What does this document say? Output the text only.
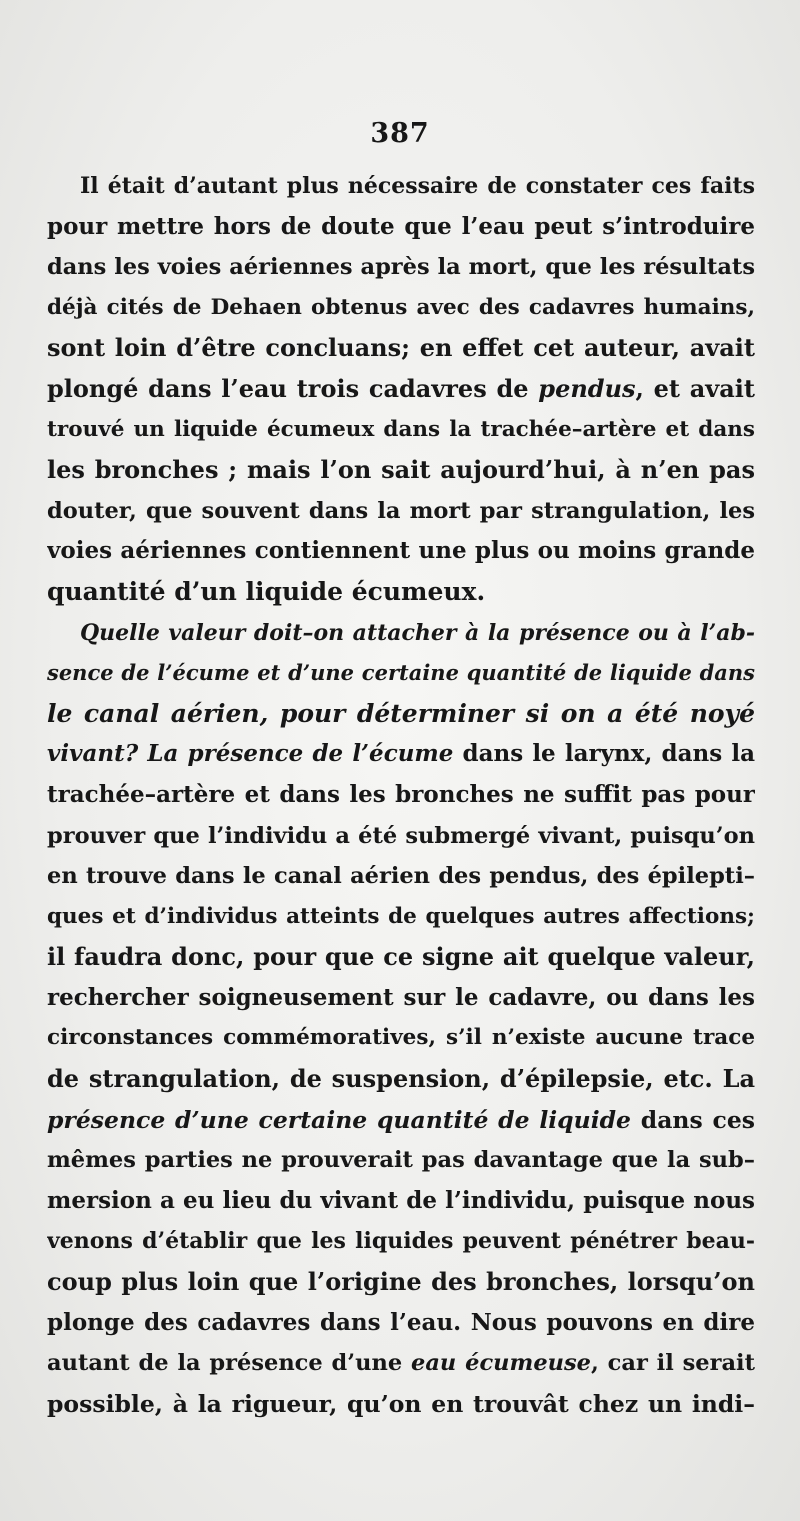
387
Il était d’autant plus nécessaire de constater ces faits
pour mettre hors de doute que l’eau peut s’introduire
dans les voies aériennes après la mort, que les résultats
déjà cités de Dehaen obtenus avec des cadavres humains,
sont loin d’être concluans; en effet cet auteur, avait
plongé dans l’eau trois cadavres de pendus, et avait
trouvé un liquide écumeux dans la trachée–artère et dans
les bronches ; mais l’on sait aujourd’hui, à n’en pas
douter, que souvent dans la mort par strangulation, les
voies aériennes contiennent une plus ou moins grande
quantité d’un liquide écumeux.
Quelle valeur doit–on attacher à la présence ou à l’ab-
sence de l’écume et d’une certaine quantité de liquide dans
le canal aérien, pour déterminer si on a été noyé
vivant? La présence de l’écume dans le larynx, dans la
trachée–artère et dans les bronches ne suffit pas pour
prouver que l’individu a été submergé vivant, puisqu’on
en trouve dans le canal aérien des pendus, des épilepti–
ques et d’individus atteints de quelques autres affections;
il faudra donc, pour que ce signe ait quelque valeur,
rechercher soigneusement sur le cadavre, ou dans les
circonstances commémoratives, s’il n’existe aucune trace
de strangulation, de suspension, d’épilepsie, etc. La
présence d’une certaine quantité de liquide dans ces
mêmes parties ne prouverait pas davantage que la sub–
mersion a eu lieu du vivant de l’individu, puisque nous
venons d’établir que les liquides peuvent pénétrer beau-
coup plus loin que l’origine des bronches, lorsqu’on
plonge des cadavres dans l’eau. Nous pouvons en dire
autant de la présence d’une eau écumeuse, car il serait
possible, à la rigueur, qu’on en trouvât chez un indi–
